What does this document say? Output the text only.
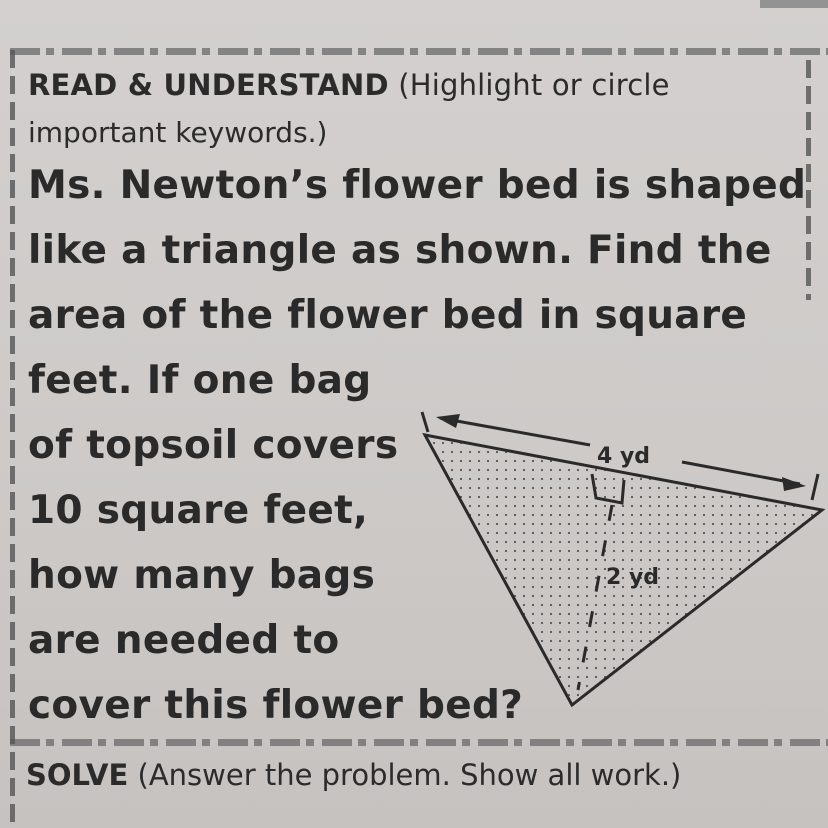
READ & UNDERSTAND (Highlight or circle

important keywords.)

Ms. Newton’s flower bed is shaped

like a triangle as shown. Find the

area of the flower bed in square

feet. If one bag

of topsoil covers

10 square feet,

how many bags

are needed to

cover this flower bed?

4 yd
2 yd

SOLVE (Answer the problem. Show all work.)
